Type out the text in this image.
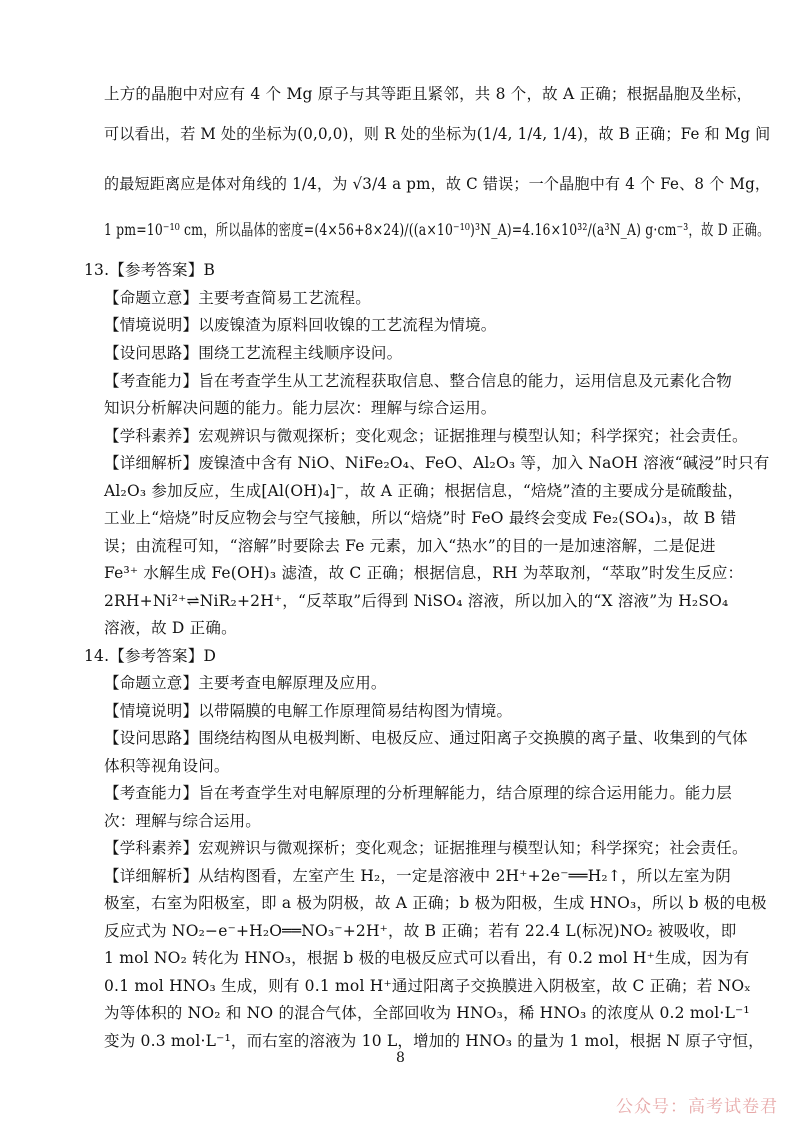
上方的晶胞中对应有 4 个 Mg 原子与其等距且紧邻，共 8 个，故 A 正确；根据晶胞及坐标，
可以看出，若 M 处的坐标为(0,0,0)，则 R 处的坐标为(1/4, 1/4, 1/4)，故 B 正确；Fe 和 Mg 间
的最短距离应是体对角线的 1/4，为 √3/4 a pm，故 C 错误；一个晶胞中有 4 个 Fe、8 个 Mg，
1 pm=10⁻¹⁰ cm，所以晶体的密度=(4×56+8×24)/((a×10⁻¹⁰)³N_A)=4.16×10³²/(a³N_A) g·cm⁻³，故 D 正确。
13.【参考答案】B
【命题立意】主要考查简易工艺流程。
【情境说明】以废镍渣为原料回收镍的工艺流程为情境。
【设问思路】围绕工艺流程主线顺序设问。
【考查能力】旨在考查学生从工艺流程获取信息、整合信息的能力，运用信息及元素化合物
知识分析解决问题的能力。能力层次：理解与综合运用。
【学科素养】宏观辨识与微观探析；变化观念；证据推理与模型认知；科学探究；社会责任。
【详细解析】废镍渣中含有 NiO、NiFe₂O₄、FeO、Al₂O₃ 等，加入 NaOH 溶液“碱浸”时只有
Al₂O₃ 参加反应，生成[Al(OH)₄]⁻，故 A 正确；根据信息，“焙烧”渣的主要成分是硫酸盐，
工业上“焙烧”时反应物会与空气接触，所以“焙烧”时 FeO 最终会变成 Fe₂(SO₄)₃，故 B 错
误；由流程可知，“溶解”时要除去 Fe 元素，加入“热水”的目的一是加速溶解，二是促进
Fe³⁺ 水解生成 Fe(OH)₃ 滤渣，故 C 正确；根据信息，RH 为萃取剂，“萃取”时发生反应：
2RH+Ni²⁺⇌NiR₂+2H⁺，“反萃取”后得到 NiSO₄ 溶液，所以加入的“X 溶液”为 H₂SO₄
溶液，故 D 正确。
14.【参考答案】D
【命题立意】主要考查电解原理及应用。
【情境说明】以带隔膜的电解工作原理简易结构图为情境。
【设问思路】围绕结构图从电极判断、电极反应、通过阳离子交换膜的离子量、收集到的气体
体积等视角设问。
【考查能力】旨在考查学生对电解原理的分析理解能力，结合原理的综合运用能力。能力层
次：理解与综合运用。
【学科素养】宏观辨识与微观探析；变化观念；证据推理与模型认知；科学探究；社会责任。
【详细解析】从结构图看，左室产生 H₂，一定是溶液中 2H⁺+2e⁻══H₂↑，所以左室为阴
极室，右室为阳极室，即 a 极为阴极，故 A 正确；b 极为阳极，生成 HNO₃，所以 b 极的电极
反应式为 NO₂−e⁻+H₂O══NO₃⁻+2H⁺，故 B 正确；若有 22.4 L(标况)NO₂ 被吸收，即
1 mol NO₂ 转化为 HNO₃，根据 b 极的电极反应式可以看出，有 0.2 mol H⁺生成，因为有
0.1 mol HNO₃ 生成，则有 0.1 mol H⁺通过阳离子交换膜进入阴极室，故 C 正确；若 NOₓ
为等体积的 NO₂ 和 NO 的混合气体，全部回收为 HNO₃，稀 HNO₃ 的浓度从 0.2 mol·L⁻¹
变为 0.3 mol·L⁻¹，而右室的溶液为 10 L，增加的 HNO₃ 的量为 1 mol，根据 N 原子守恒，
8
公众号：高考试卷君
